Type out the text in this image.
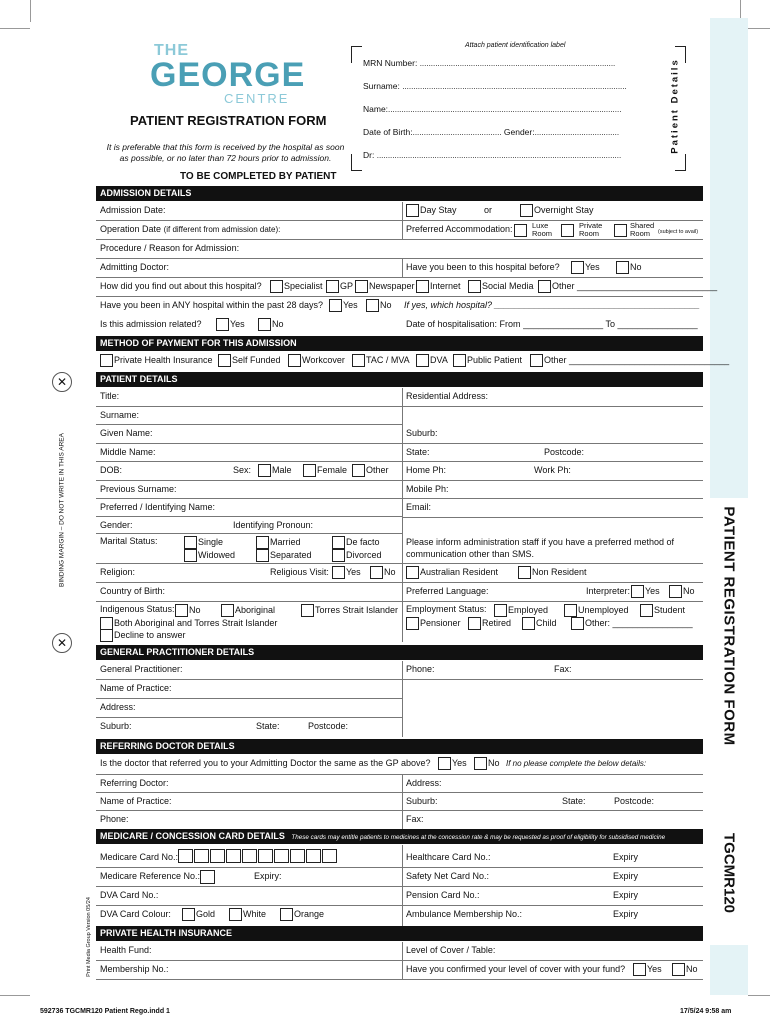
PATIENT REGISTRATION FORM
TGCMR120
BINDING MARGIN – DO NOT WRITE IN THIS AREA
Print Media Group Version 05/24
✕
✕
THE
GEORGE
CENTRE
PATIENT REGISTRATION FORM
It is preferable that this form is received by the hospital as soon as possible, or no later than 72 hours prior to admission.
TO BE COMPLETED BY PATIENT
Attach patient identification label
Patient Details
MRN Number: ........................................................................................
Surname: .....................................................................................................
Name:.........................................................................................................
Date of Birth:........................................ Gender:......................................
Dr: ..............................................................................................................
ADMISSION DETAILS
Admission Date:	Day Stay	or	Overnight Stay
Operation Date (if different from admission date):	Preferred Accommodation:	Luxe Room
Private Room
Shared Room	(subject to avail)
Procedure / Reason for Admission:
Admitting Doctor:	Have you been to this hospital before?	Yes	No
How did you find out about this hospital?	Specialist	GP	Newspaper	Internet	Social Media	Other ____________________________
Have you been in ANY hospital within the past 28 days?	Yes	No If yes, which hospital? _________________________________________
Is this admission related?	Yes	No	Date of hospitalisation: From ________________ To ________________
METHOD OF PAYMENT FOR THIS ADMISSION
Private Health Insurance	Self Funded	Workcover	TAC / MVA	DVA	Public Patient	Other ________________________________
PATIENT DETAILS
Title:	Residential Address:
Surname:
Given Name:	Suburb:
Middle Name:	State:	Postcode:
DOB:	Sex:	Male	Female	Other Home Ph:	Work Ph:
Previous Surname:	Mobile Ph:
Preferred / Identifying Name:	Email:
Gender:	Identifying Pronoun:
Marital Status:	Single	Married	De facto
Widowed	Separated	Divorced
Please inform administration staff if you have a preferred method of communication other than SMS.
Religion:	Religious Visit:	Yes	No	Australian Resident	Non Resident
Country of Birth:	Preferred Language:	Interpreter:	Yes	No
Indigenous Status:	No	Aboriginal	Torres Strait Islander
Both Aboriginal and Torres Strait Islander
Decline to answer
Employment Status:	Employed	Unemployed	Student
Pensioner	Retired	Child	Other: ________________
GENERAL PRACTITIONER DETAILS
General Practitioner:	Phone:	Fax:
Name of Practice:
Address:
Suburb:	State:	Postcode:
REFERRING DOCTOR DETAILS
Is the doctor that referred you to your Admitting Doctor the same as the GP above?	Yes	No If no please complete the below details:
Referring Doctor:	Address:
Name of Practice:	Suburb:	State:	Postcode:
Phone:	Fax:
MEDICARE / CONCESSION CARD DETAILS These cards may entitle patients to medicines at the concession rate & may be requested as proof of eligibility for subsidised medicine
Medicare Card No.:	Healthcare Card No.:	Expiry
Medicare Reference No.:	Expiry:	Safety Net Card No.:	Expiry
DVA Card No.:	Pension Card No.:	Expiry
DVA Card Colour:	Gold	White	Orange	Ambulance Membership No.:	Expiry
PRIVATE HEALTH INSURANCE
Health Fund:	Level of Cover / Table:
Membership No.:	Have you confirmed your level of cover with your fund?	Yes	No
592736 TGCMR120 Patient Rego.indd 1	17/5/24 9:58 am
